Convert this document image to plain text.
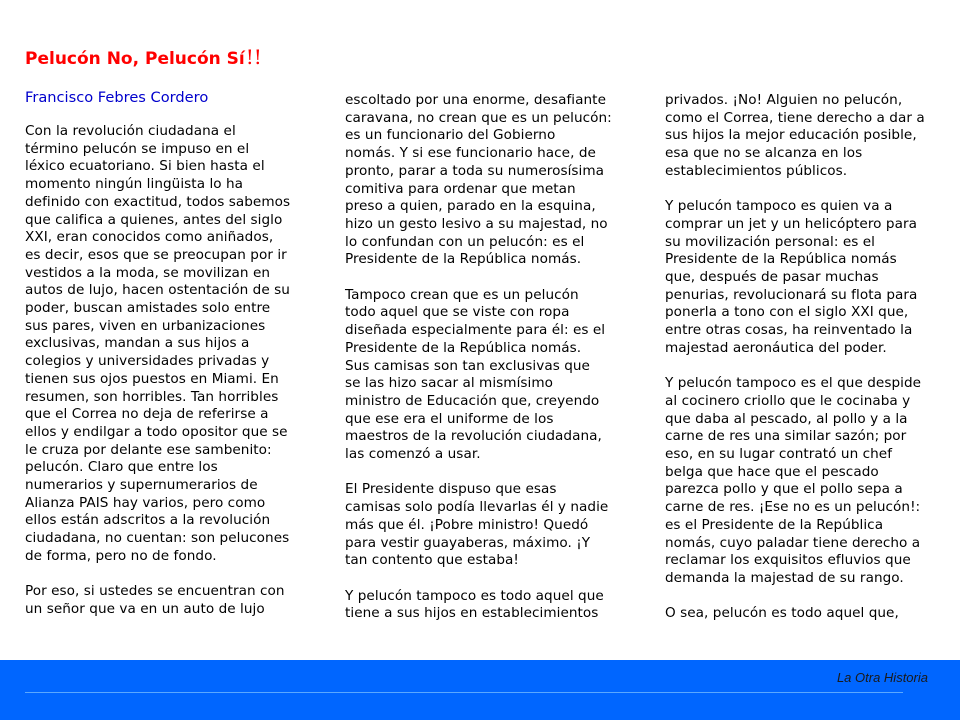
Pelucón No, Pelucón Sí!!
Francisco Febres Cordero

Con la revolución ciudadana el
término pelucón se impuso en el
léxico ecuatoriano. Si bien hasta el
momento ningún lingüista lo ha
definido con exactitud, todos sabemos
que califica a quienes, antes del siglo
XXI, eran conocidos como aniñados,
es decir, esos que se preocupan por ir
vestidos a la moda, se movilizan en
autos de lujo, hacen ostentación de su
poder, buscan amistades solo entre
sus pares, viven en urbanizaciones
exclusivas, mandan a sus hijos a
colegios y universidades privadas y
tienen sus ojos puestos en Miami. En
resumen, son horribles. Tan horribles
que el Correa no deja de referirse a
ellos y endilgar a todo opositor que se
le cruza por delante ese sambenito:
pelucón. Claro que entre los
numerarios y supernumerarios de
Alianza PAIS hay varios, pero como
ellos están adscritos a la revolución
ciudadana, no cuentan: son pelucones
de forma, pero no de fondo.

Por eso, si ustedes se encuentran con
un señor que va en un auto de lujo

escoltado por una enorme, desafiante
caravana, no crean que es un pelucón:
es un funcionario del Gobierno
nomás. Y si ese funcionario hace, de
pronto, parar a toda su numerosísima
comitiva para ordenar que metan
preso a quien, parado en la esquina,
hizo un gesto lesivo a su majestad, no
lo confundan con un pelucón: es el
Presidente de la República nomás.

Tampoco crean que es un pelucón
todo aquel que se viste con ropa
diseñada especialmente para él: es el
Presidente de la República nomás.
Sus camisas son tan exclusivas que
se las hizo sacar al mismísimo
ministro de Educación que, creyendo
que ese era el uniforme de los
maestros de la revolución ciudadana,
las comenzó a usar.

El Presidente dispuso que esas
camisas solo podía llevarlas él y nadie
más que él. ¡Pobre ministro! Quedó
para vestir guayaberas, máximo. ¡Y
tan contento que estaba!

Y pelucón tampoco es todo aquel que
tiene a sus hijos en establecimientos

privados. ¡No! Alguien no pelucón,
como el Correa, tiene derecho a dar a
sus hijos la mejor educación posible,
esa que no se alcanza en los
establecimientos públicos.

Y pelucón tampoco es quien va a
comprar un jet y un helicóptero para
su movilización personal: es el
Presidente de la República nomás
que, después de pasar muchas
penurias, revolucionará su flota para
ponerla a tono con el siglo XXI que,
entre otras cosas, ha reinventado la
majestad aeronáutica del poder.

Y pelucón tampoco es el que despide
al cocinero criollo que le cocinaba y
que daba al pescado, al pollo y a la
carne de res una similar sazón; por
eso, en su lugar contrató un chef
belga que hace que el pescado
parezca pollo y que el pollo sepa a
carne de res. ¡Ese no es un pelucón!:
es el Presidente de la República
nomás, cuyo paladar tiene derecho a
reclamar los exquisitos efluvios que
demanda la majestad de su rango.

O sea, pelucón es todo aquel que,

La Otra Historia
